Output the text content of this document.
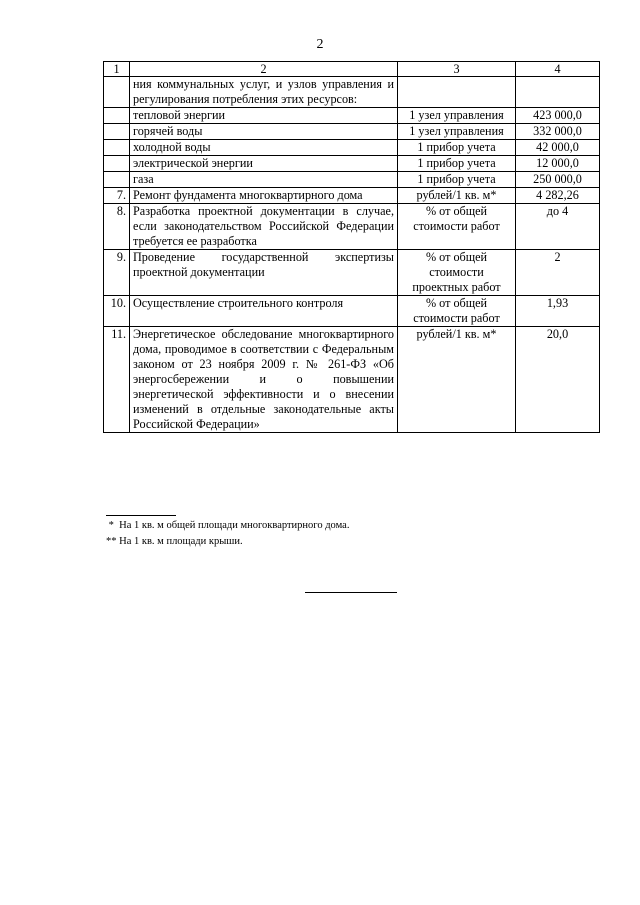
2
1	2	3	4
	ния коммунальных услуг, и узлов управления и регулирования потребления этих ресурсов:		
	тепловой энергии	1 узел управления	423 000,0
	горячей воды	1 узел управления	332 000,0
	холодной воды	1 прибор учета	42 000,0
	электрической энергии	1 прибор учета	12 000,0
	газа	1 прибор учета	250 000,0
7.	Ремонт фундамента многоквартирного дома	рублей/1 кв. м*	4 282,26
8.	Разработка проектной документации в случае, если законодательством Российской Федерации требуется ее разработка	% от общей стоимости работ	до 4
9.	Проведение государственной экспертизы проектной документации	% от общей стоимости проектных работ	2
10.	Осуществление строительного контроля	% от общей стоимости работ	1,93
11.	Энергетическое обследование многоквартирного дома, проводимое в соответствии с Федеральным законом от 23 ноября 2009 г. № 261-ФЗ «Об энергосбережении и о повышении энергетической эффективности и о внесении изменений в отдельные законодательные акты Российской Федерации»	рублей/1 кв. м*	20,0
*  На 1 кв. м общей площади многоквартирного дома.
** На 1 кв. м площади крыши.
